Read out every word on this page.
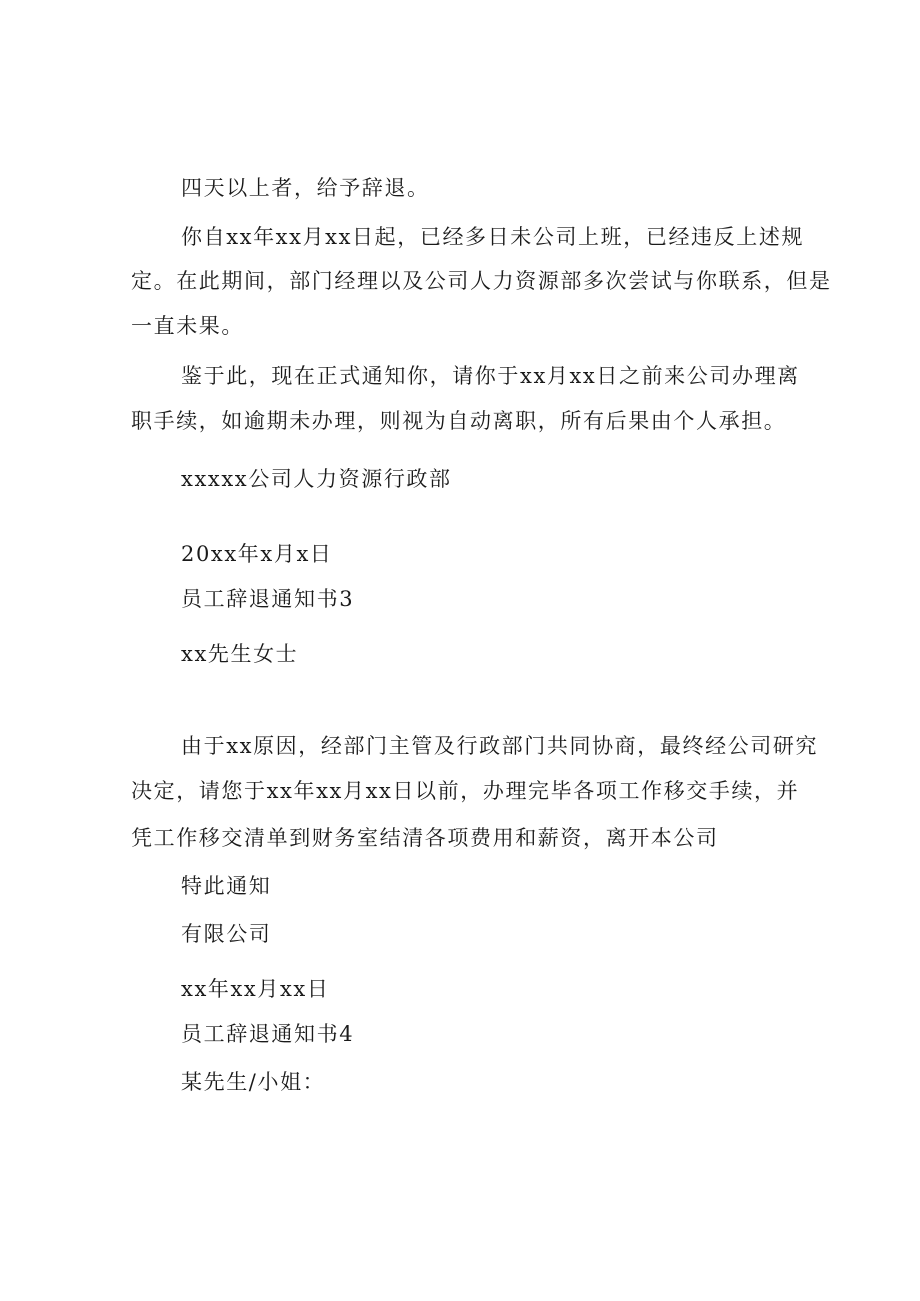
四天以上者，给予辞退。
你自xx年xx月xx日起，已经多日未公司上班，已经违反上述规
定。在此期间，部门经理以及公司人力资源部多次尝试与你联系，但是
一直未果。
鉴于此，现在正式通知你，请你于xx月xx日之前来公司办理离
职手续，如逾期未办理，则视为自动离职，所有后果由个人承担。
xxxxx公司人力资源行政部
20xx年x月x日
员工辞退通知书3
xx先生女士
由于xx原因，经部门主管及行政部门共同协商，最终经公司研究
决定，请您于xx年xx月xx日以前，办理完毕各项工作移交手续，并
凭工作移交清单到财务室结清各项费用和薪资，离开本公司
特此通知
有限公司
xx年xx月xx日
员工辞退通知书4
某先生/小姐：
